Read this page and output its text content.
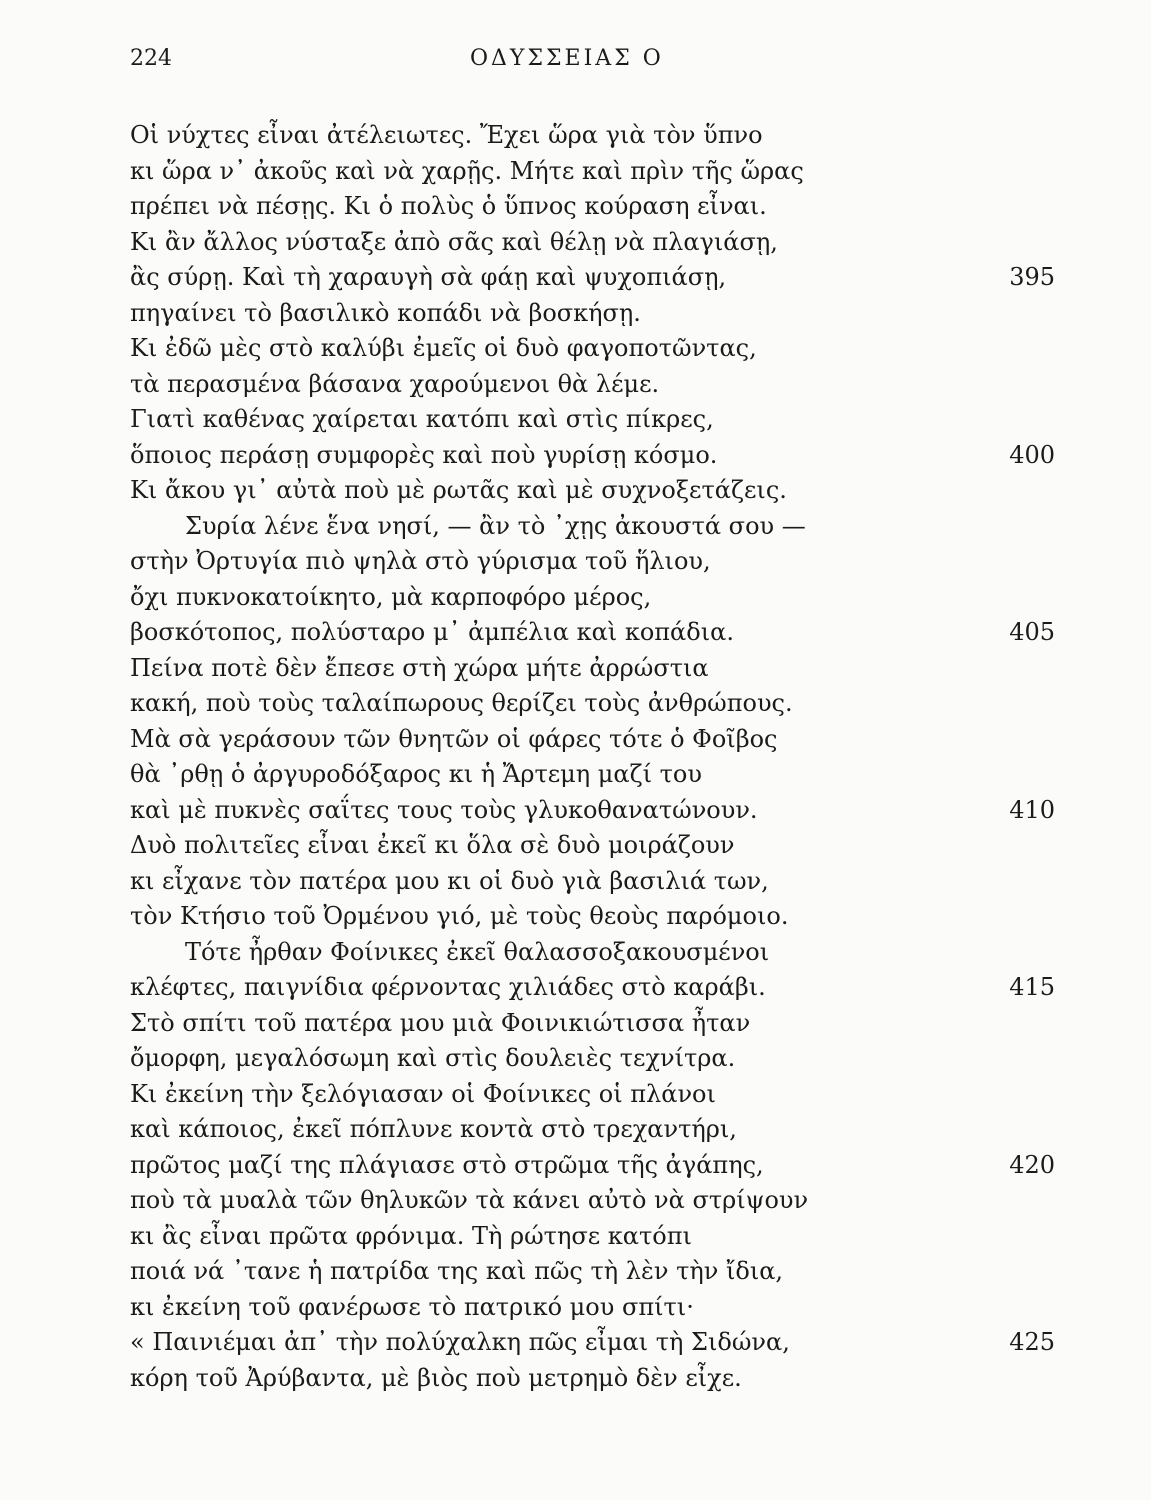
224	ΟΔΥΣΣΕΙΑΣ Ο
Οἱ νύχτες εἶναι ἀτέλειωτες. Ἔχει ὥρα γιὰ τὸν ὕπνο
κι ὥρα ν᾽ ἀκοῦς καὶ νὰ χαρῇς. Μήτε καὶ πρὶν τῆς ὥρας
πρέπει νὰ πέσῃς. Κι ὁ πολὺς ὁ ὕπνος κούραση εἶναι.
Κι ἂν ἄλλος νύσταξε ἀπὸ σᾶς καὶ θέλῃ νὰ πλαγιάσῃ,
ἂς σύρῃ. Καὶ τὴ χαραυγὴ σὰ φάῃ καὶ ψυχοπιάσῃ,	395
πηγαίνει τὸ βασιλικὸ κοπάδι νὰ βοσκήσῃ.
Κι ἐδῶ μὲς στὸ καλύβι ἐμεῖς οἱ δυὸ φαγοποτῶντας,
τὰ περασμένα βάσανα χαρούμενοι θὰ λέμε.
Γιατὶ καθένας χαίρεται κατόπι καὶ στὶς πίκρες,
ὅποιος περάσῃ συμφορὲς καὶ ποὺ γυρίσῃ κόσμο.	400
Κι ἄκου γι᾽ αὐτὰ ποὺ μὲ ρωτᾶς καὶ μὲ συχνοξετάζεις.
Συρία λένε ἕνα νησί, — ἂν τὸ ᾽χῃς ἀκουστά σου —
στὴν Ὀρτυγία πιὸ ψηλὰ στὸ γύρισμα τοῦ ἥλιου,
ὄχι πυκνοκατοίκητο, μὰ καρποφόρο μέρος,
βοσκότοπος, πολύσταρο μ᾽ ἀμπέλια καὶ κοπάδια.	405
Πείνα ποτὲ δὲν ἔπεσε στὴ χώρα μήτε ἀρρώστια
κακή, ποὺ τοὺς ταλαίπωρους θερίζει τοὺς ἀνθρώπους.
Μὰ σὰ γεράσουν τῶν θνητῶν οἱ φάρες τότε ὁ Φοῖβος
θὰ ᾽ρθῃ ὁ ἀργυροδόξαρος κι ἡ Ἄρτεμη μαζί του
καὶ μὲ πυκνὲς σαΐτες τους τοὺς γλυκοθανατώνουν.	410
Δυὸ πολιτεῖες εἶναι ἐκεῖ κι ὅλα σὲ δυὸ μοιράζουν
κι εἶχανε τὸν πατέρα μου κι οἱ δυὸ γιὰ βασιλιά των,
τὸν Κτήσιο τοῦ Ὀρμένου γιό, μὲ τοὺς θεοὺς παρόμοιο.
Τότε ἦρθαν Φοίνικες ἐκεῖ θαλασσοξακουσμένοι
κλέφτες, παιγνίδια φέρνοντας χιλιάδες στὸ καράβι.	415
Στὸ σπίτι τοῦ πατέρα μου μιὰ Φοινικιώτισσα ἦταν
ὄμορφη, μεγαλόσωμη καὶ στὶς δουλειὲς τεχνίτρα.
Κι ἐκείνη τὴν ξελόγιασαν οἱ Φοίνικες οἱ πλάνοι
καὶ κάποιος, ἐκεῖ πόπλυνε κοντὰ στὸ τρεχαντήρι,
πρῶτος μαζί της πλάγιασε στὸ στρῶμα τῆς ἀγάπης,	420
ποὺ τὰ μυαλὰ τῶν θηλυκῶν τὰ κάνει αὐτὸ νὰ στρίψουν
κι ἂς εἶναι πρῶτα φρόνιμα. Τὴ ρώτησε κατόπι
ποιά νά ᾽τανε ἡ πατρίδα της καὶ πῶς τὴ λὲν τὴν ἴδια,
κι ἐκείνη τοῦ φανέρωσε τὸ πατρικό μου σπίτι·
« Παινιέμαι ἀπ᾽ τὴν πολύχαλκη πῶς εἶμαι τὴ Σιδώνα,	425
κόρη τοῦ Ἀρύβαντα, μὲ βιὸς ποὺ μετρημὸ δὲν εἶχε.
